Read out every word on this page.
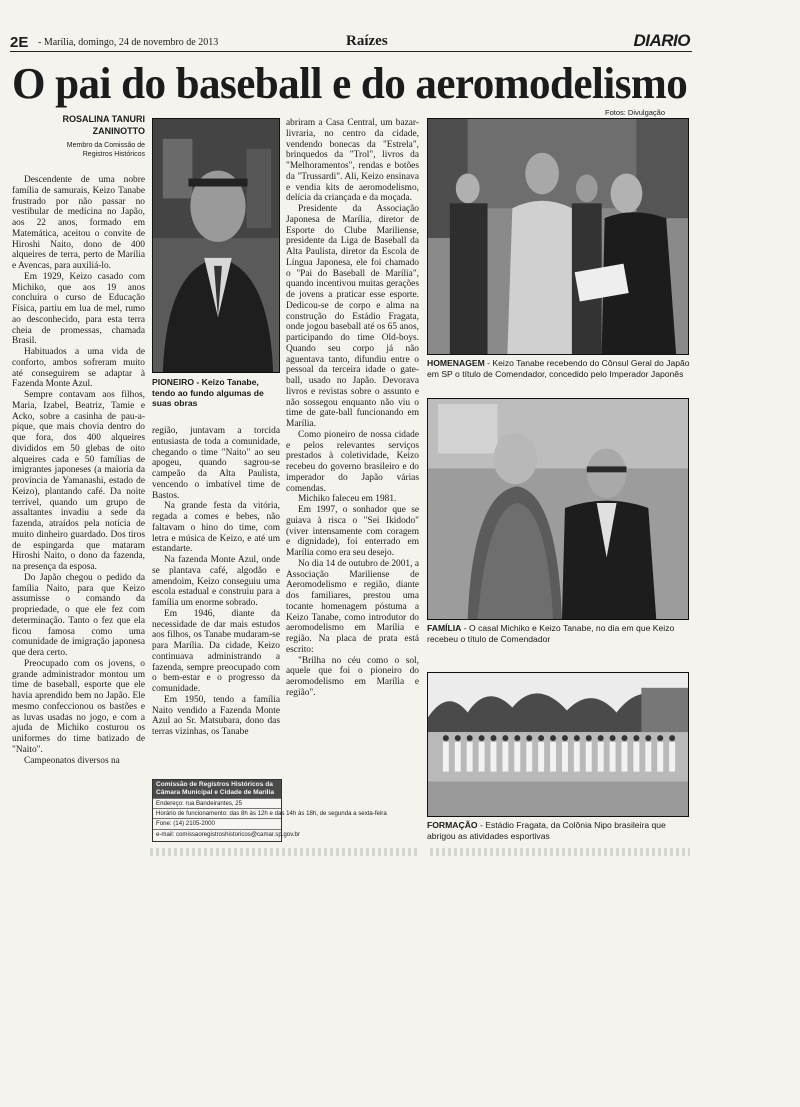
2E - Marília, domingo, 24 de novembro de 2013	Raízes	DIARIO
O pai do baseball e do aeromodelismo
ROSALINA TANURI ZANINOTTO
Membro da Comissão de Registros Históricos
Fotos: Divulgação

Descendente de uma nobre família de samurais, Keizo Tanabe frustrado por não passar no vestibular de medicina no Japão, aos 22 anos, formado em Matemática, aceitou o convite de Hiroshi Naito, dono de 400 alqueires de terra, perto de Marília e Avencas, para auxiliá-lo.

Em 1929, Keizo casado com Michiko, que aos 19 anos concluíra o curso de Educação Física, partiu em lua de mel, rumo ao desconhecido, para esta terra cheia de promessas, chamada Brasil.

Habituados a uma vida de conforto, ambos sofreram muito até conseguirem se adaptar à Fazenda Monte Azul.

Sempre contavam aos filhos, Maria, Izabel, Beatriz, Tamie e Acko, sobre a casinha de pau-a-pique, que mais chovia dentro do que fora, dos 400 alqueires divididos em 50 glebas de oito alqueires cada e 50 famílias de imigrantes japoneses (a maioria da província de Yamanashi, estado de Keizo), plantando café. Da noite terrível, quando um grupo de assaltantes invadiu a sede da fazenda, atraídos pela notícia de muito dinheiro guardado. Dos tiros de espingarda que mataram Hiroshi Naito, o dono da fazenda, na presença da esposa.

Do Japão chegou o pedido da família Naito, para que Keizo assumisse o comando da propriedade, o que ele fez com determinação. Tanto o fez que ela ficou famosa como uma comunidade de imigração japonesa que dera certo.

Preocupado com os jovens, o grande administrador montou um time de baseball, esporte que ele havia aprendido bem no Japão. Ele mesmo confeccionou os bastões e as luvas usadas no jogo, e com a ajuda de Michiko costurou os uniformes do time batizado de "Naito".

Campeonatos diversos na

região, juntavam a torcida entusiasta de toda a comunidade, chegando o time "Naito" ao seu apogeu, quando sagrou-se campeão da Alta Paulista, vencendo o imbatível time de Bastos.

Na grande festa da vitória, regada a comes e bebes, não faltavam o hino do time, com letra e música de Keizo, e até um estandarte.

Na fazenda Monte Azul, onde se plantava café, algodão e amendoim, Keizo conseguiu uma escola estadual e construiu para a família um enorme sobrado.

Em 1946, diante da necessidade de dar mais estudos aos filhos, os Tanabe mudaram-se para Marília. Da cidade, Keizo continuava administrando a fazenda, sempre preocupado com o bem-estar e o progresso da comunidade.

Em 1950, tendo a família Naito vendido a Fazenda Monte Azul ao Sr. Matsubara, dono das terras vizinhas, os Tanabe

abriram a Casa Central, um bazar-livraria, no centro da cidade, vendendo bonecas da "Estrela", brinquedos da "Trol", livros da "Melhoramentos", rendas e botões da "Trussardi". Ali, Keizo ensinava e vendia kits de aeromodelismo, delícia da criançada e da moçada.

Presidente da Associação Japonesa de Marília, diretor de Esporte do Clube Mariliense, presidente da Liga de Baseball da Alta Paulista, diretor da Escola de Língua Japonesa, ele foi chamado o "Pai do Baseball de Marília", quando incentivou muitas gerações de jovens a praticar esse esporte. Dedicou-se de corpo e alma na construção do Estádio Fragata, onde jogou baseball até os 65 anos, participando do time Old-boys. Quando seu corpo já não aguentava tanto, difundiu entre o pessoal da terceira idade o gate-ball, usado no Japão. Devorava livros e revistas sobre o assunto e não sossegou enquanto não viu o time de gate-ball funcionando em Marília.

Como pioneiro de nossa cidade e pelos relevantes serviços prestados à coletividade, Keizo recebeu do governo brasileiro e do imperador do Japão várias comendas.

Michiko faleceu em 1981.

Em 1997, o sonhador que se guiava à risca o "Sei Ikidodo" (viver intensamente com coragem e dignidade), foi enterrado em Marília como era seu desejo.

No dia 14 de outubro de 2001, a Associação Mariliense de Aeromodelismo e região, diante dos familiares, prestou uma tocante homenagem póstuma a Keizo Tanabe, como introdutor do aeromodelismo em Marília e região. Na placa de prata está escrito:

"Brilha no céu como o sol, aquele que foi o pioneiro do aeromodelismo em Marília e região".

PIONEIRO - Keizo Tanabe, tendo ao fundo algumas de suas obras
HOMENAGEM - Keizo Tanabe recebendo do Cônsul Geral do Japão em SP o título de Comendador, concedido pelo Imperador Japonês
FAMÍLIA - O casal Michiko e Keizo Tanabe, no dia em que Keizo recebeu o título de Comendador
FORMAÇÃO - Estádio Fragata, da Colônia Nipo brasileira que abrigou as atividades esportivas
Comissão de Registros Históricos da Câmara Municipal e Cidade de Marília
Endereço: rua Bandeirantes, 25
Horário de funcionamento: das 8h às 12h e das 14h às 18h, de segunda a sexta-feira
Fone: (14) 2105-2000
e-mail: comissaoregistroshistoricos@camar.sp.gov.br
